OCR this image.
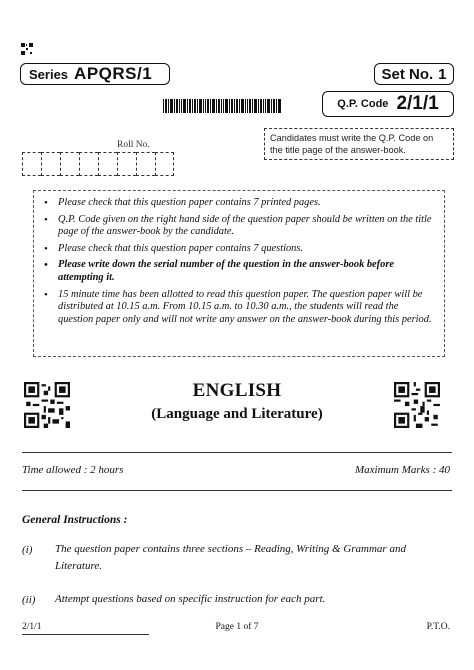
Series APQRS/1	Set No. 1
Q.P. Code 2/1/1
Candidates must write the Q.P. Code on the title page of the answer-book.
Roll No.
• Please check that this question paper contains 7 printed pages.
• Q.P. Code given on the right hand side of the question paper should be written on the title page of the answer-book by the candidate.
• Please check that this question paper contains 7 questions.
• Please write down the serial number of the question in the answer-book before attempting it.
• 15 minute time has been allotted to read this question paper. The question paper will be distributed at 10.15 a.m. From 10.15 a.m. to 10.30 a.m., the students will read the question paper only and will not write any answer on the answer-book during this period.
ENGLISH
(Language and Literature)
Time allowed : 2 hours	Maximum Marks : 40
General Instructions :
(i) The question paper contains three sections – Reading, Writing & Grammar and Literature.
(ii) Attempt questions based on specific instruction for each part.
2/1/1	Page 1 of 7	P.T.O.
